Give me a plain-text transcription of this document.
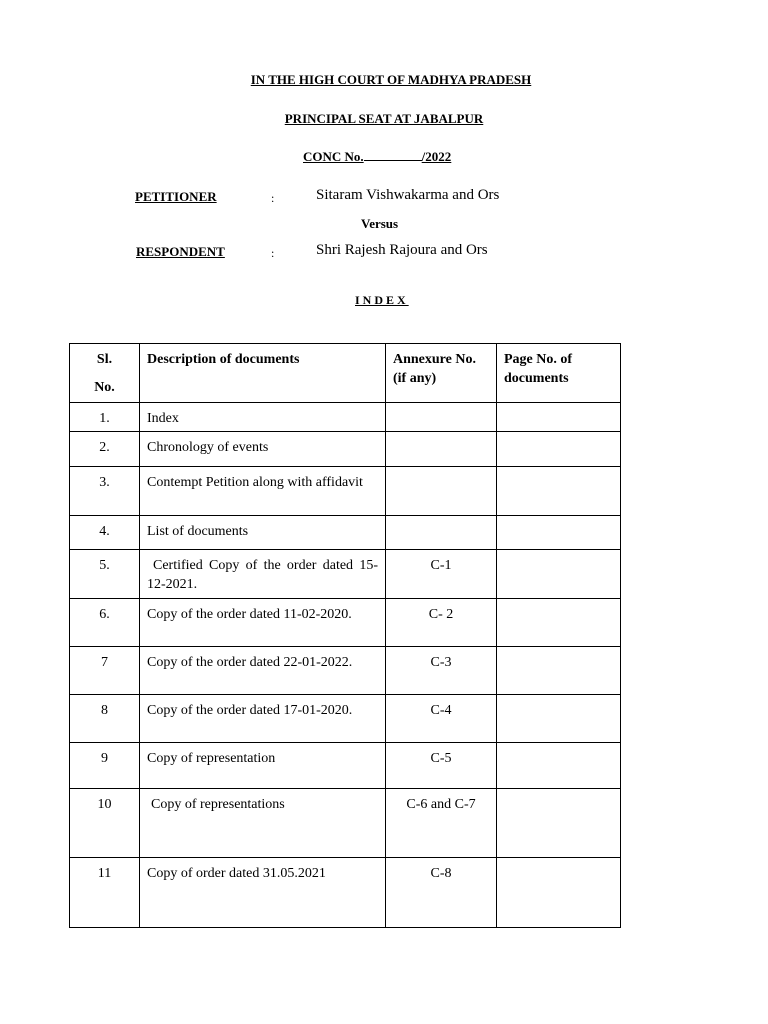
IN THE HIGH COURT OF MADHYA PRADESH
PRINCIPAL SEAT AT JABALPUR
CONC No.	/2022
PETITIONER	:	Sitaram Vishwakarma and Ors
Versus
RESPONDENT	:	Shri Rajesh Rajoura and Ors
INDEX
Sl.
No.	Description of documents	Annexure No.(if any)	Page No. of documents
1.	Index		
2.	Chronology of events		
3.	Contempt Petition along with affidavit		
4.	List of documents		
5.	Certified Copy of the order dated 15-12-2021.	C-1	
6.	Copy of the order dated 11-02-2020.	C- 2	
7	Copy of the order dated 22-01-2022.	C-3	
8	Copy of the order dated 17-01-2020.	C-4	
9	Copy of representation	C-5	
10	Copy of representations	C-6 and C-7	
11	Copy of order dated 31.05.2021	C-8	
